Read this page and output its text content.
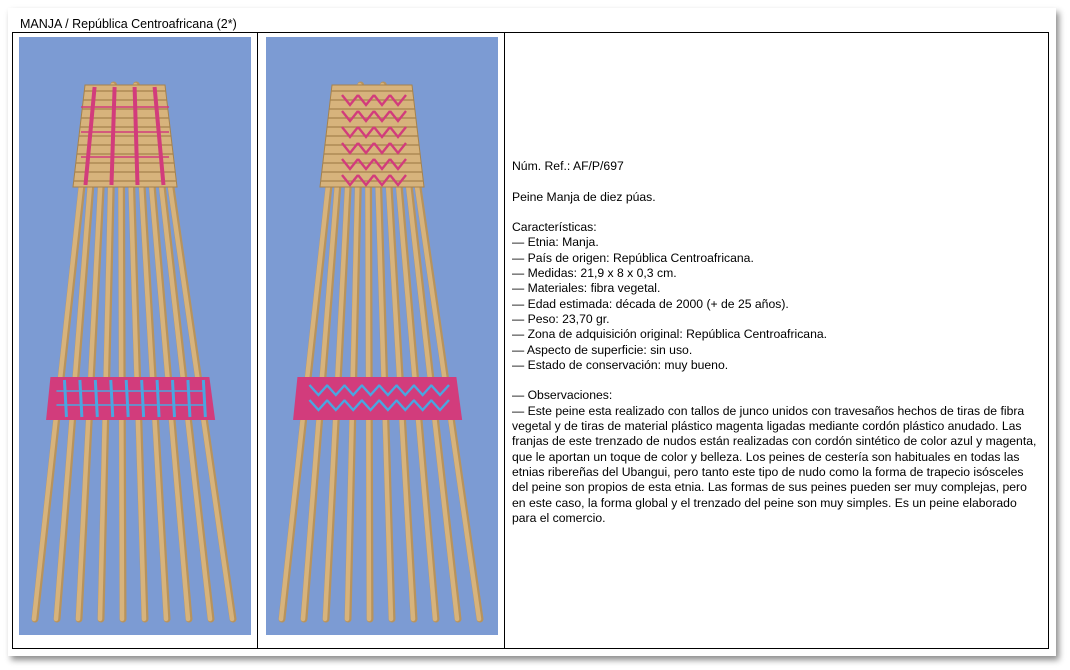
MANJA / República Centroafricana (2*)
Núm. Ref.: AF/P/697
Peine Manja de diez púas.
Características:
— Etnia: Manja.
— País de origen: República Centroafricana.
— Medidas: 21,9 x 8 x 0,3 cm.
— Materiales: fibra vegetal.
— Edad estimada: década de 2000 (+ de 25 años).
— Peso: 23,70 gr.
— Zona de adquisición original: República Centroafricana.
— Aspecto de superficie: sin uso.
— Estado de conservación: muy bueno.
— Observaciones:
— Este peine esta realizado con tallos de junco unidos con travesaños hechos de tiras de fibra vegetal y de tiras de material plástico magenta ligadas mediante cordón plástico anudado. Las franjas de este trenzado de nudos están realizadas con cordón sintético de color azul y magenta, que le aportan un toque de color y belleza. Los peines de cestería son habituales en todas las etnias ribereñas del Ubangui, pero tanto este tipo de nudo como la forma de trapecio isósceles del peine son propios de esta etnia. Las formas de sus peines pueden ser muy complejas, pero en este caso, la forma global y el trenzado del peine son muy simples. Es un peine elaborado para el comercio.
